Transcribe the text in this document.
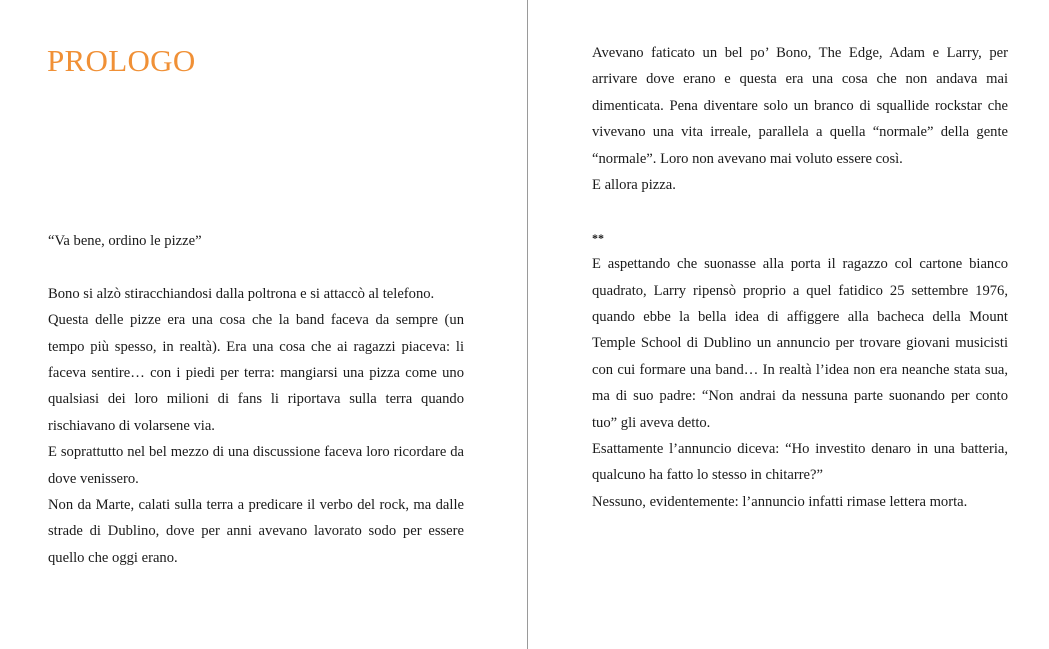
PROLOGO

“Va bene, ordino le pizze”

Bono si alzò stiracchiandosi dalla poltrona e si attaccò al telefono.

Questa delle pizze era una cosa che la band faceva da sempre (un tempo più spesso, in realtà). Era una cosa che ai ragazzi piaceva: li faceva sentire… con i piedi per terra: mangiarsi una pizza come uno qualsiasi dei loro milioni di fans li riportava sulla terra quando rischiavano di volarsene via.

E soprattutto nel bel mezzo di una discussione faceva loro ricordare da dove venissero.

Non da Marte, calati sulla terra a predicare il verbo del rock, ma dalle strade di Dublino, dove per anni avevano lavorato sodo per essere quello che oggi erano.

Avevano faticato un bel po’ Bono, The Edge, Adam e Larry, per arrivare dove erano e questa era una cosa che non andava mai dimenticata. Pena diventare solo un branco di squallide rockstar che vivevano una vita irreale, parallela a quella “normale” della gente “normale”. Loro non avevano mai voluto essere così.

E allora pizza.

**

E aspettando che suonasse alla porta il ragazzo col cartone bianco quadrato, Larry ripensò proprio a quel fatidico 25 settembre 1976, quando ebbe la bella idea di affiggere alla bacheca della Mount Temple School di Dublino un annuncio per trovare giovani musicisti con cui formare una band… In realtà l’idea non era neanche stata sua, ma di suo padre: “Non andrai da nessuna parte suonando per conto tuo” gli aveva detto.

Esattamente l’annuncio diceva: “Ho investito denaro in una batteria, qualcuno ha fatto lo stesso in chitarre?”

Nessuno, evidentemente: l’annuncio infatti rimase lettera morta.
